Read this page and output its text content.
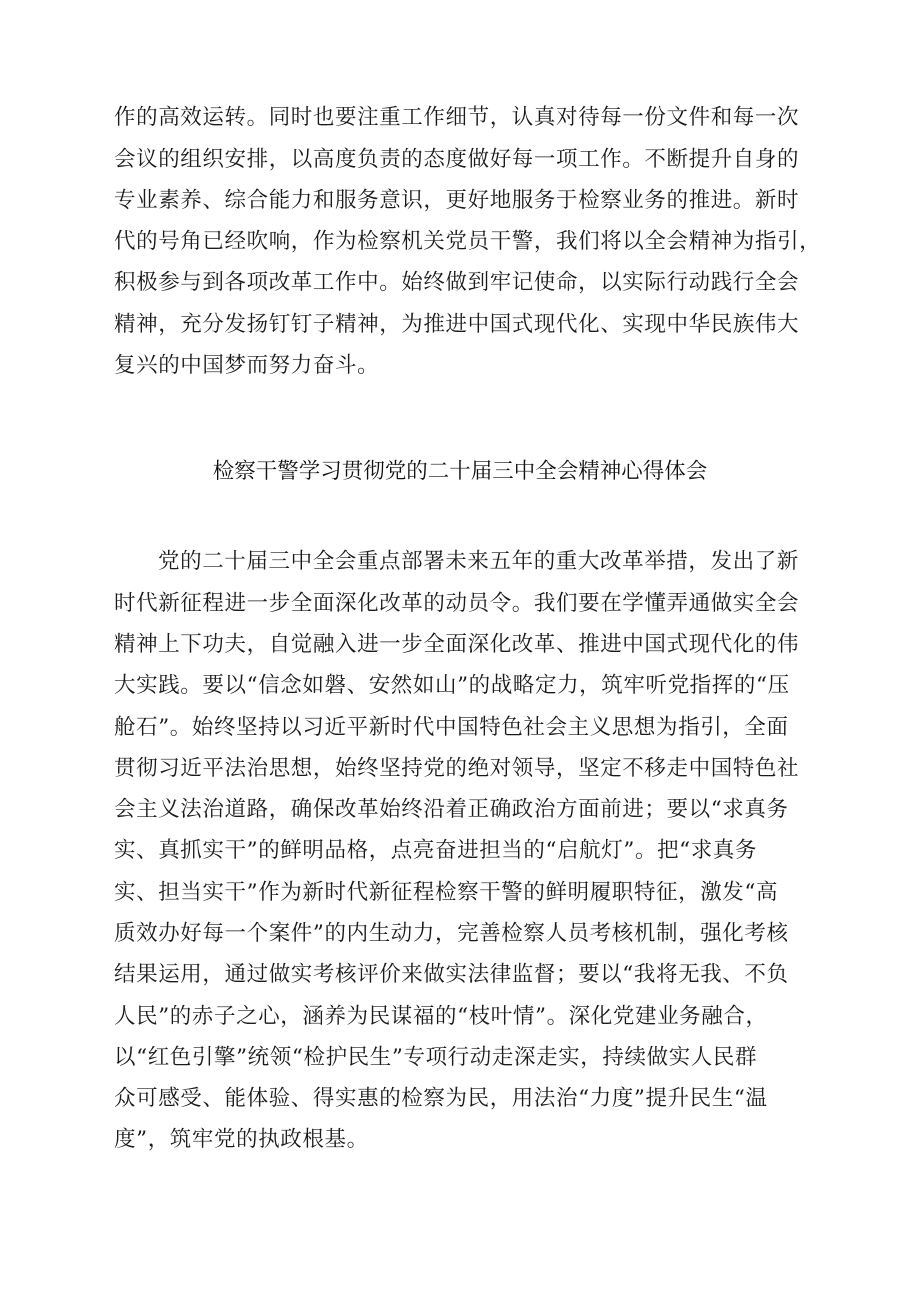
作的高效运转。同时也要注重工作细节，认真对待每一份文件和每一次
会议的组织安排，以高度负责的态度做好每一项工作。不断提升自身的
专业素养、综合能力和服务意识，更好地服务于检察业务的推进。新时
代的号角已经吹响，作为检察机关党员干警，我们将以全会精神为指引，
积极参与到各项改革工作中。始终做到牢记使命，以实际行动践行全会
精神，充分发扬钉钉子精神，为推进中国式现代化、实现中华民族伟大
复兴的中国梦而努力奋斗。
检察干警学习贯彻党的二十届三中全会精神心得体会
党的二十届三中全会重点部署未来五年的重大改革举措，发出了新
时代新征程进一步全面深化改革的动员令。我们要在学懂弄通做实全会
精神上下功夫，自觉融入进一步全面深化改革、推进中国式现代化的伟
大实践。要以“信念如磐、安然如山”的战略定力，筑牢听党指挥的“压
舱石”。始终坚持以习近平新时代中国特色社会主义思想为指引，全面
贯彻习近平法治思想，始终坚持党的绝对领导，坚定不移走中国特色社
会主义法治道路，确保改革始终沿着正确政治方面前进；要以“求真务
实、真抓实干”的鲜明品格，点亮奋进担当的“启航灯”。把“求真务
实、担当实干”作为新时代新征程检察干警的鲜明履职特征，激发“高
质效办好每一个案件”的内生动力，完善检察人员考核机制，强化考核
结果运用，通过做实考核评价来做实法律监督；要以“我将无我、不负
人民”的赤子之心，涵养为民谋福的“枝叶情”。深化党建业务融合，
以“红色引擎”统领“检护民生”专项行动走深走实，持续做实人民群
众可感受、能体验、得实惠的检察为民，用法治“力度”提升民生“温
度”，筑牢党的执政根基。
